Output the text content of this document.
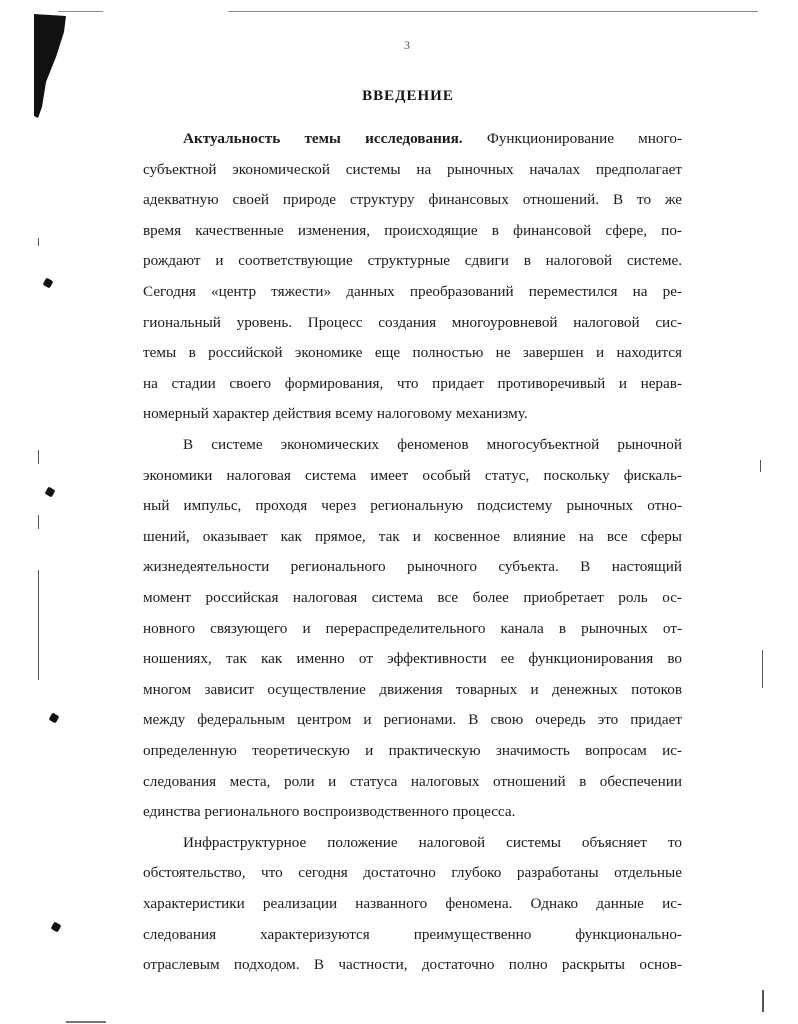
3
ВВЕДЕНИЕ
Актуальность темы исследования. Функционирование много-
субъектной экономической системы на рыночных началах предполагает
адекватную своей природе структуру финансовых отношений. В то же
время качественные изменения, происходящие в финансовой сфере, по-
рождают и соответствующие структурные сдвиги в налоговой системе.
Сегодня «центр тяжести» данных преобразований переместился на ре-
гиональный уровень. Процесс создания многоуровневой налоговой сис-
темы в российской экономике еще полностью не завершен и находится
на стадии своего формирования, что придает противоречивый и нерав-
номерный характер действия всему налоговому механизму.
В системе экономических феноменов многосубъектной рыночной
экономики налоговая система имеет особый статус, поскольку фискаль-
ный импульс, проходя через региональную подсистему рыночных отно-
шений, оказывает как прямое, так и косвенное влияние на все сферы
жизнедеятельности регионального рыночного субъекта. В настоящий
момент российская налоговая система все более приобретает роль ос-
новного связующего и перераспределительного канала в рыночных от-
ношениях, так как именно от эффективности ее функционирования во
многом зависит осуществление движения товарных и денежных потоков
между федеральным центром и регионами. В свою очередь это придает
определенную теоретическую и практическую значимость вопросам ис-
следования места, роли и статуса налоговых отношений в обеспечении
единства регионального воспроизводственного процесса.
Инфраструктурное положение налоговой системы объясняет то
обстоятельство, что сегодня достаточно глубоко разработаны отдельные
характеристики реализации названного феномена. Однако данные ис-
следования характеризуются преимущественно функционально-
отраслевым подходом. В частности, достаточно полно раскрыты основ-
